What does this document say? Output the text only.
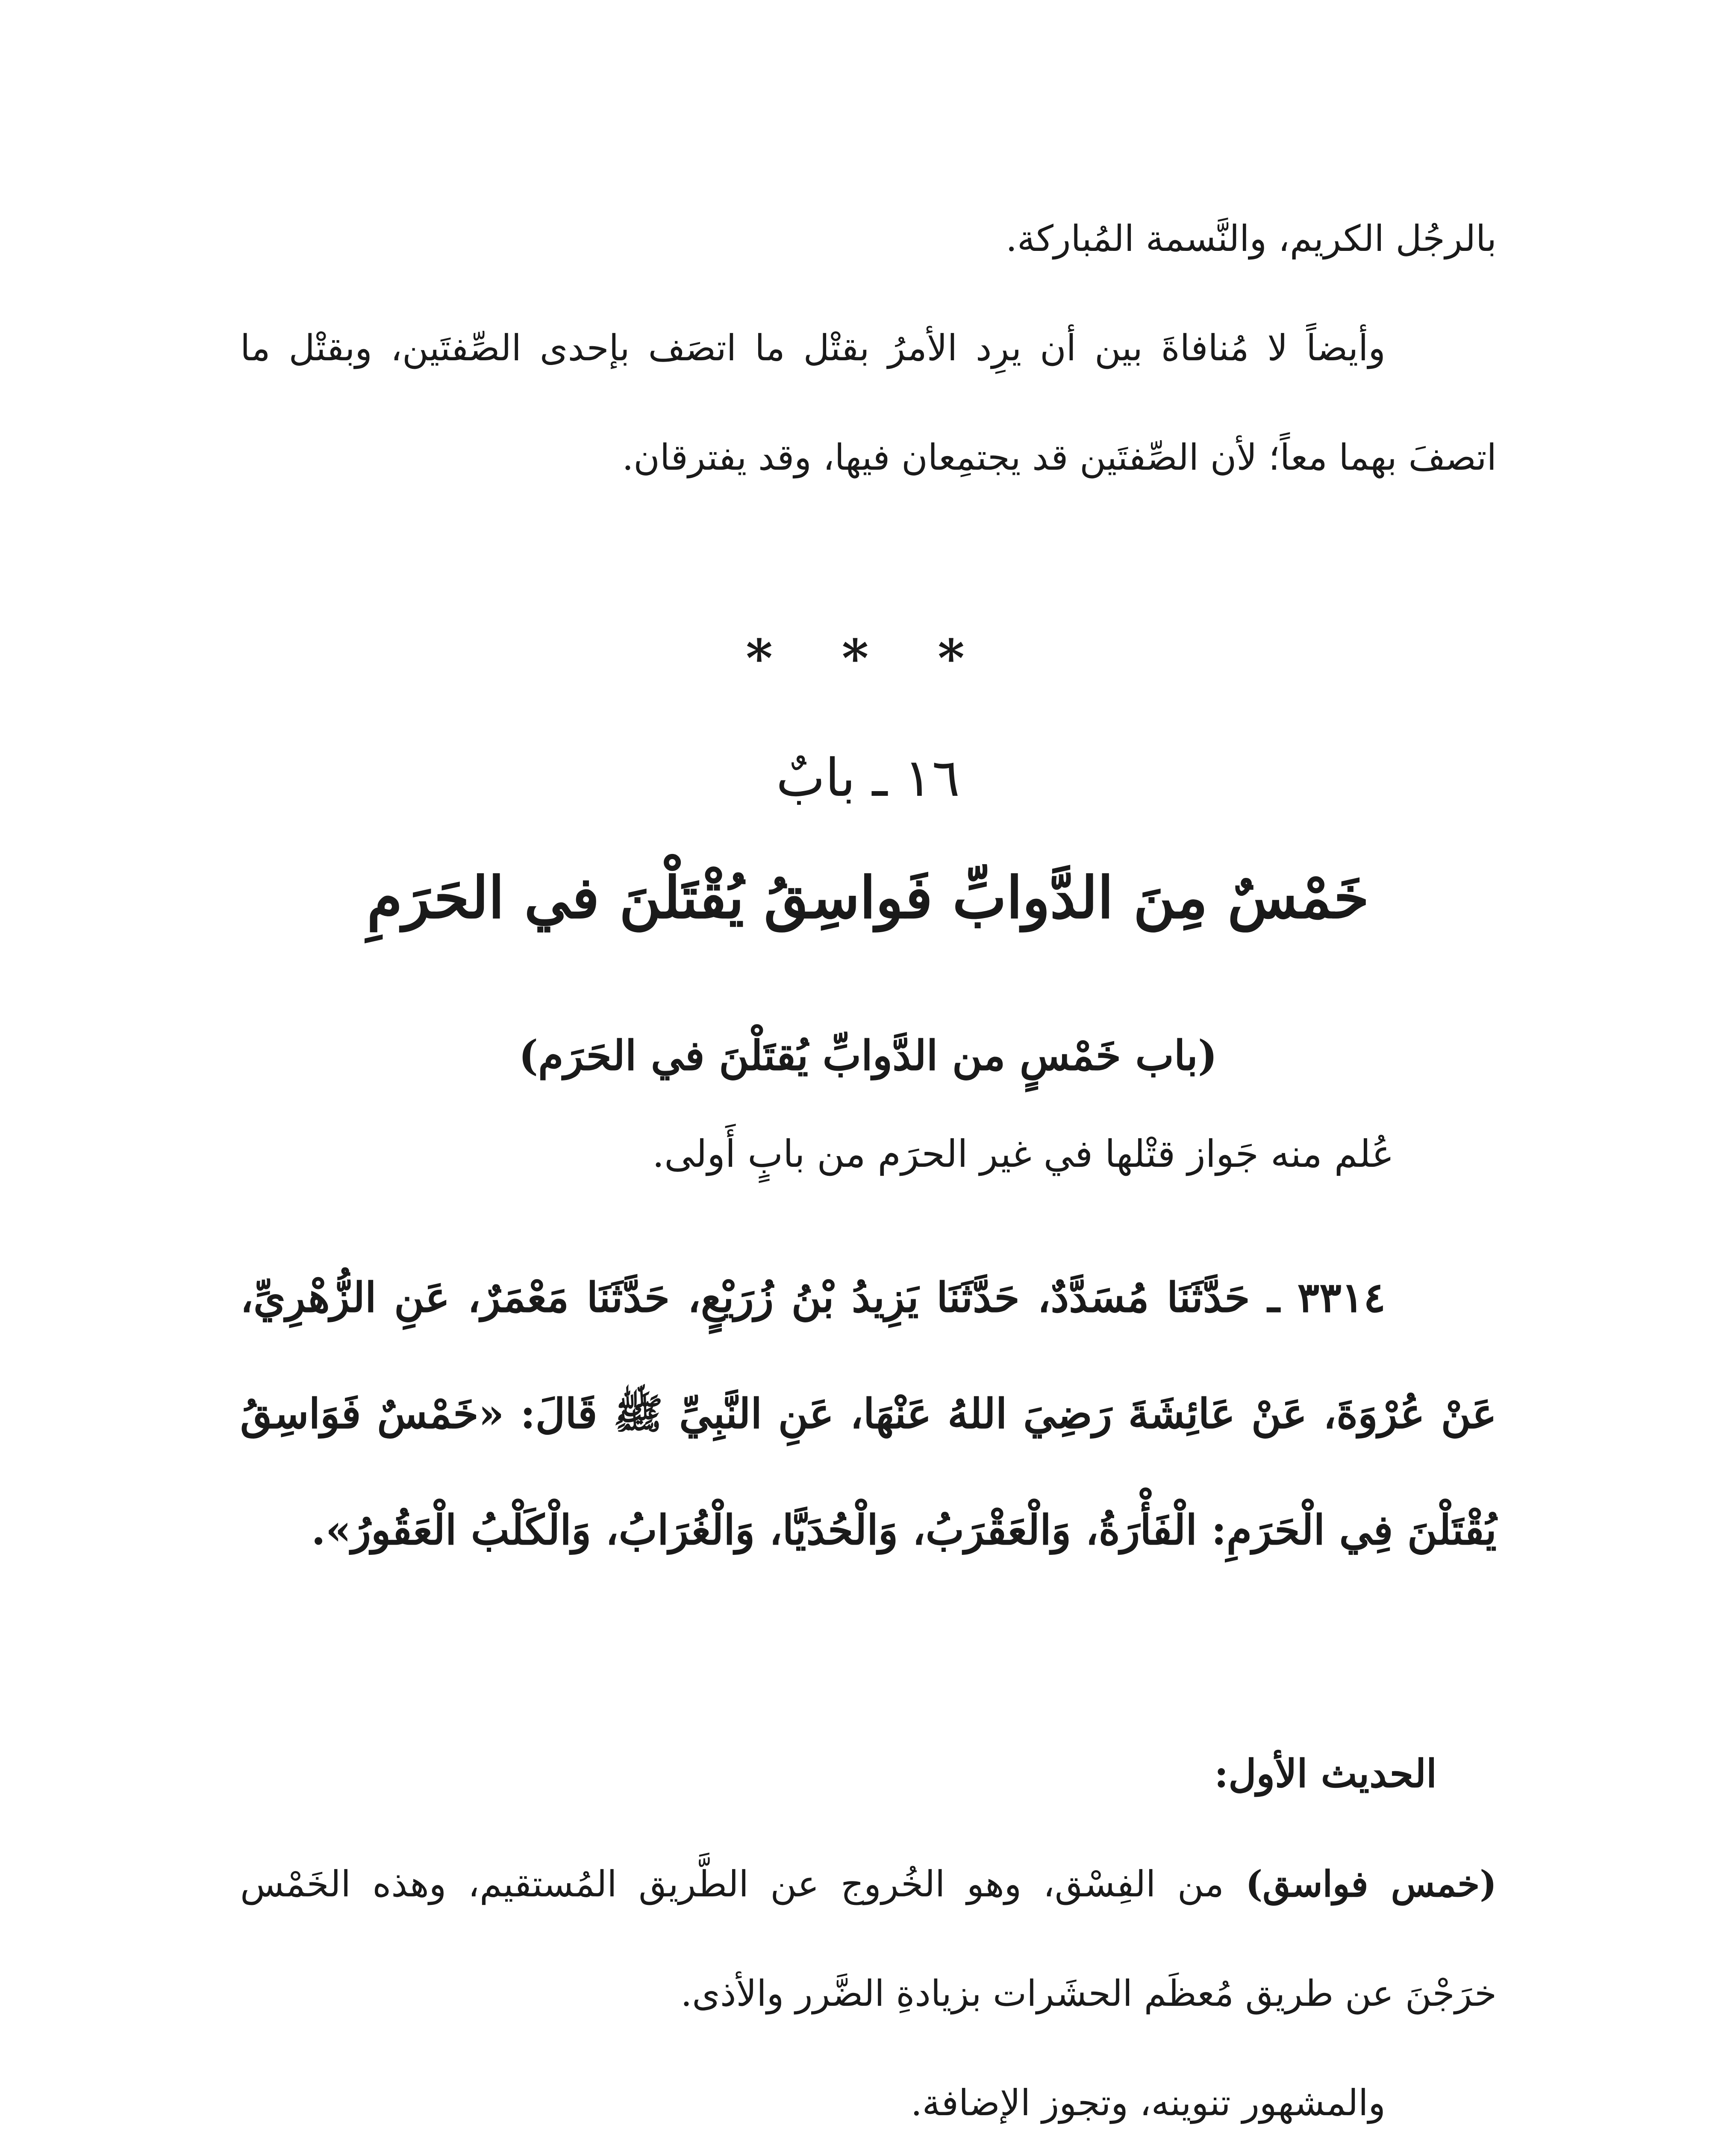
بالرجُل الكريم، والنَّسمة المُباركة.

وأيضاً لا مُنافاةَ بين أن يرِد الأمرُ بقتْل ما اتصَف بإحدى الصِّفتَين، وبقتْل ما اتصفَ بهما معاً؛ لأن الصِّفتَين قد يجتمِعان فيها، وقد يفترقان.

* * *
١٦ ـ بابٌ
خَمْسٌ مِنَ الدَّوابِّ فَواسِقُ يُقْتَلْنَ في الحَرَمِ
(باب خَمْسٍ من الدَّوابِّ يُقتَلْنَ في الحَرَم)
عُلم منه جَواز قتْلها في غير الحرَم من بابٍ أَولى.
٣٣١٤ ـ حَدَّثَنَا مُسَدَّدٌ، حَدَّثَنَا يَزِيدُ بْنُ زُرَيْعٍ، حَدَّثَنَا مَعْمَرٌ، عَنِ الزُّهْرِيِّ، عَنْ عُرْوَةَ، عَنْ عَائِشَةَ رَضِيَ اللهُ عَنْهَا، عَنِ النَّبِيِّ ﷺ قَالَ: «خَمْسٌ فَوَاسِقُ يُقْتَلْنَ فِي الْحَرَمِ: الْفَأْرَةُ، وَالْعَقْرَبُ، وَالْحُدَيَّا، وَالْغُرَابُ، وَالْكَلْبُ الْعَقُورُ».
الحديث الأول:

(خمس فواسق) من الفِسْق، وهو الخُروج عن الطَّريق المُستقيم، وهذه الخَمْس خرَجْنَ عن طريق مُعظَم الحشَرات بزيادةِ الضَّرر والأذى.

والمشهور تنوينه، وتجوز الإضافة.
